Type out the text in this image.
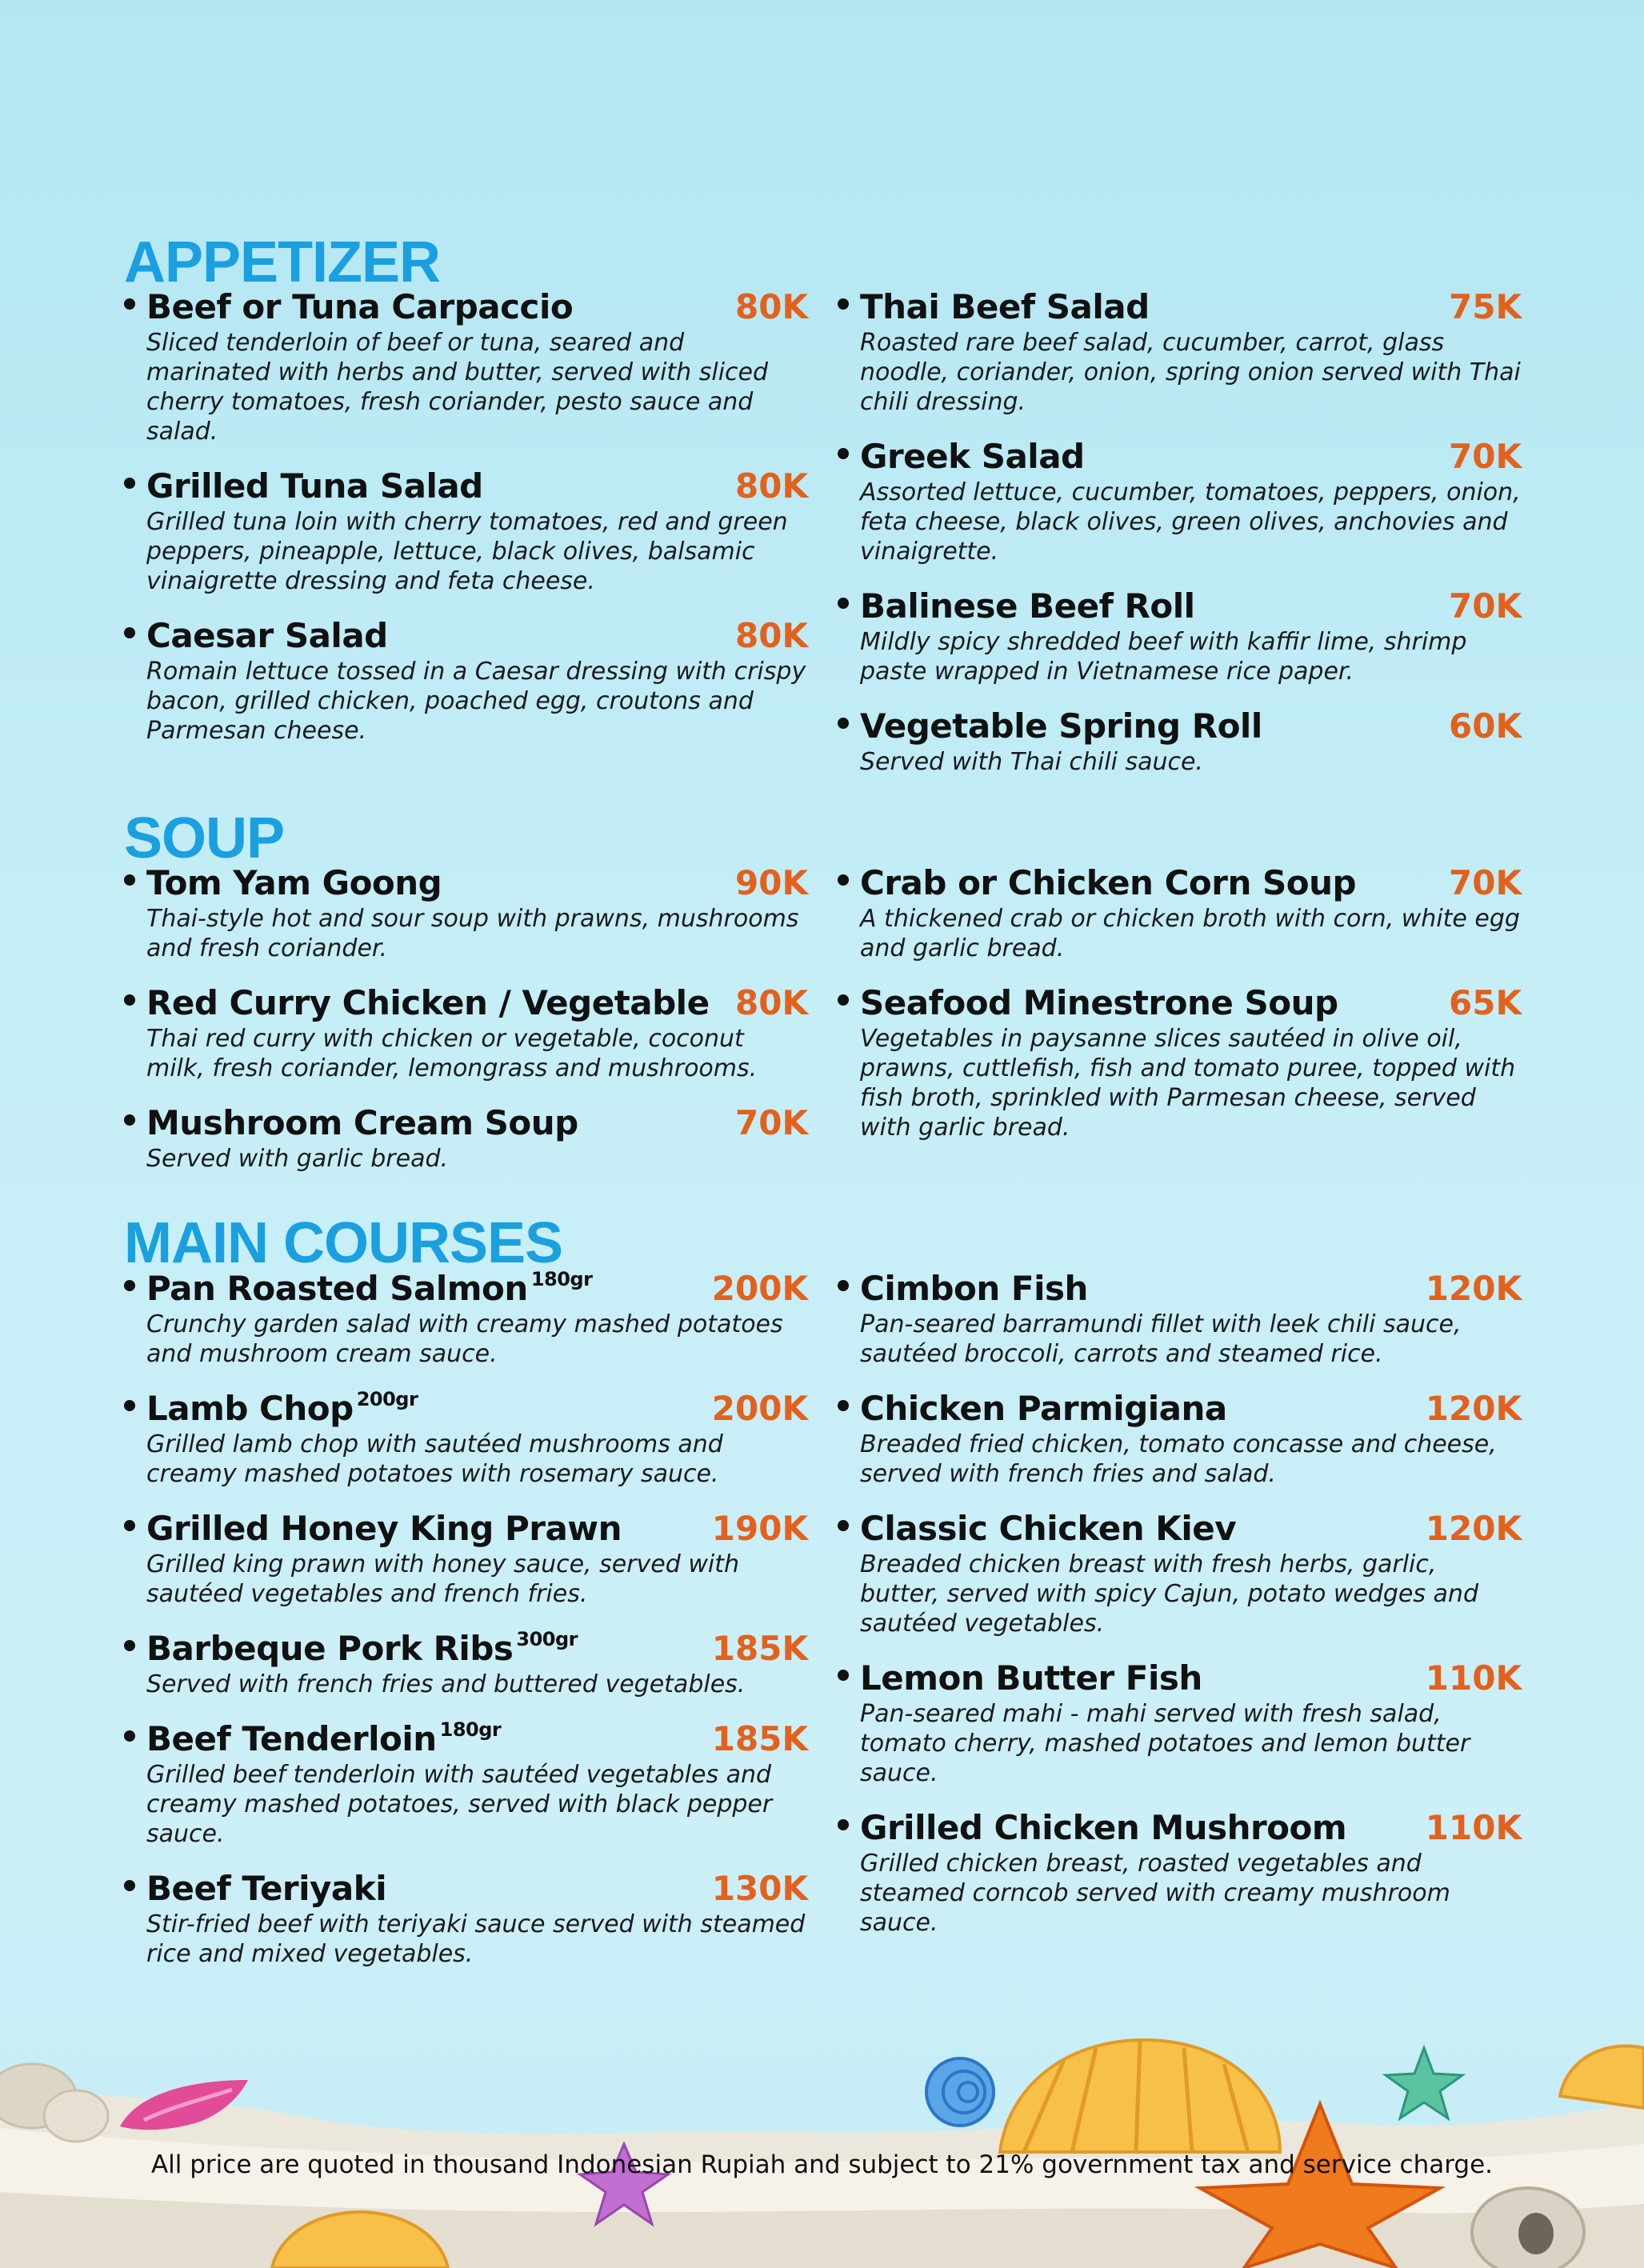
APPETIZER
Beef or Tuna Carpaccio	80K

Sliced tenderloin of beef or tuna, seared and marinated with herbs and butter, served with sliced cherry tomatoes, fresh coriander, pesto sauce and salad.

Grilled Tuna Salad	80K

Grilled tuna loin with cherry tomatoes, red and green peppers, pineapple, lettuce, black olives, balsamic vinaigrette dressing and feta cheese.

Caesar Salad	80K

Romain lettuce tossed in a Caesar dressing with crispy bacon, grilled chicken, poached egg, croutons and Parmesan cheese.

Thai Beef Salad	75K

Roasted rare beef salad, cucumber, carrot, glass noodle, coriander, onion, spring onion served with Thai chili dressing.

Greek Salad	70K

Assorted lettuce, cucumber, tomatoes, peppers, onion, feta cheese, black olives, green olives, anchovies and vinaigrette.

Balinese Beef Roll	70K

Mildly spicy shredded beef with kaffir lime, shrimp paste wrapped in Vietnamese rice paper.

Vegetable Spring Roll	60K

Served with Thai chili sauce.

SOUP
Tom Yam Goong	90K

Thai-style hot and sour soup with prawns, mushrooms and fresh coriander.

Red Curry Chicken / Vegetable 80K

Thai red curry with chicken or vegetable, coconut milk, fresh coriander, lemongrass and mushrooms.

Mushroom Cream Soup	70K

Served with garlic bread.

Crab or Chicken Corn Soup	70K

A thickened crab or chicken broth with corn, white egg and garlic bread.

Seafood Minestrone Soup	65K

Vegetables in paysanne slices sautéed in olive oil, prawns, cuttlefish, fish and tomato puree, topped with fish broth, sprinkled with Parmesan cheese, served with garlic bread.

MAIN COURSES
Pan Roasted Salmon $^{180gr}$	200K

Crunchy garden salad with creamy mashed potatoes and mushroom cream sauce.

Lamb Chop $^{200gr}$	200K

Grilled lamb chop with sautéed mushrooms and creamy mashed potatoes with rosemary sauce.

Grilled Honey King Prawn	190K

Grilled king prawn with honey sauce, served with sautéed vegetables and french fries.

Barbeque Pork Ribs $^{300gr}$	185K

Served with french fries and buttered vegetables.

Beef Tenderloin $^{180gr}$	185K

Grilled beef tenderloin with sautéed vegetables and creamy mashed potatoes, served with black pepper sauce.

Beef Teriyaki	130K

Stir-fried beef with teriyaki sauce served with steamed rice and mixed vegetables.

Cimbon Fish	120K

Pan-seared barramundi fillet with leek chili sauce, sautéed broccoli, carrots and steamed rice.

Chicken Parmigiana	120K

Breaded fried chicken, tomato concasse and cheese, served with french fries and salad.

Classic Chicken Kiev	120K

Breaded chicken breast with fresh herbs, garlic, butter, served with spicy Cajun, potato wedges and sautéed vegetables.

Lemon Butter Fish	110K

Pan-seared mahi - mahi served with fresh salad, tomato cherry, mashed potatoes and lemon butter sauce.

Grilled Chicken Mushroom 110K

Grilled chicken breast, roasted vegetables and steamed corncob served with creamy mushroom sauce.

All price are quoted in thousand Indonesian Rupiah and subject to 21% government tax and service charge.
